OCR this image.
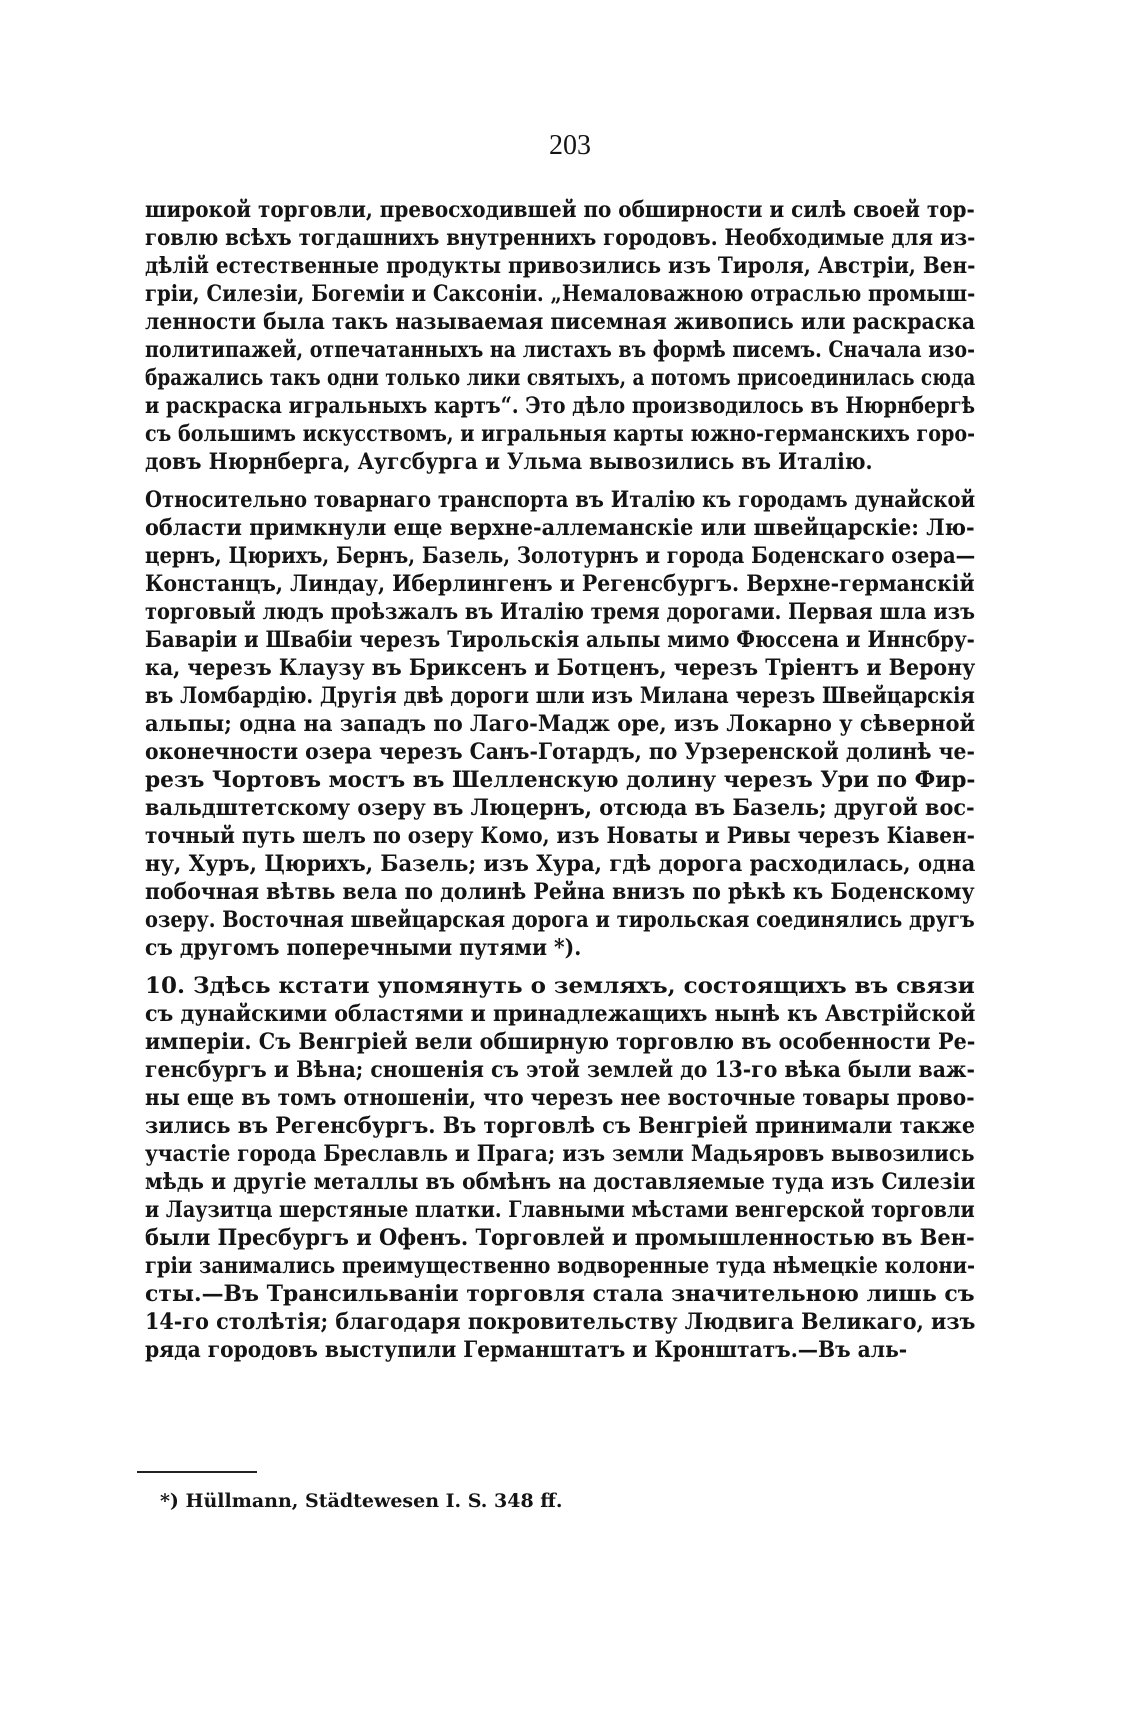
203
широкой торговли, превосходившей по обширности и силѣ своей тор-
говлю всѣхъ тогдашнихъ внутреннихъ городовъ. Необходимые для из-
дѣлій естественные продукты привозились изъ Тироля, Австріи, Вен-
гріи, Силезіи, Богеміи и Саксоніи. „Немаловажною отраслью промыш-
ленности была такъ называемая писемная живопись или раскраска
политипажей, отпечатанныхъ на листахъ въ формѣ писемъ. Сначала изо-
бражались такъ одни только лики святыхъ, а потомъ присоединилась сюда
и раскраска игральныхъ картъ“. Это дѣло производилось въ Нюрнбергѣ
съ большимъ искусствомъ, и игральныя карты южно-германскихъ горо-
довъ Нюрнберга, Аугсбурга и Ульма вывозились въ Италію.
Относительно товарнаго транспорта въ Италію къ городамъ дунайской
области примкнули еще верхне-аллеманскіе или швейцарскіе: Лю-
цернъ, Цюрихъ, Бернъ, Базель, Золотурнъ и города Боденскаго озера—
Констанцъ, Линдау, Иберлингенъ и Регенсбургъ. Верхне-германскій
торговый людъ проѣзжалъ въ Италію тремя дорогами. Первая шла изъ
Баваріи и Швабіи черезъ Тирольскія альпы мимо Фюссена и Иннсбру-
ка, черезъ Клаузу въ Бриксенъ и Ботценъ, черезъ Тріентъ и Верону
въ Ломбардію. Другія двѣ дороги шли изъ Милана черезъ Швейцарскія
альпы; одна на западъ по Лаго-Мадж оре, изъ Локарно у сѣверной
оконечности озера черезъ Санъ-Готардъ, по Урзеренской долинѣ че-
резъ Чортовъ мостъ въ Шелленскую долину черезъ Ури по Фир-
вальдштетскому озеру въ Люцернъ, отсюда въ Базель; другой вос-
точный путь шелъ по озеру Комо, изъ Новаты и Ривы черезъ Кіавен-
ну, Хуръ, Цюрихъ, Базель; изъ Хура, гдѣ дорога расходилась, одна
побочная вѣтвь вела по долинѣ Рейна внизъ по рѣкѣ къ Боденскому
озеру. Восточная швейцарская дорога и тирольская соединялись другъ
съ другомъ поперечными путями *).
10. Здѣсь кстати упомянуть о земляхъ, состоящихъ въ связи
съ дунайскими областями и принадлежащихъ нынѣ къ Австрійской
имперіи. Съ Венгріей вели обширную торговлю въ особенности Ре-
генсбургъ и Вѣна; сношенія съ этой землей до 13-го вѣка были важ-
ны еще въ томъ отношеніи, что черезъ нее восточные товары прово-
зились въ Регенсбургъ. Въ торговлѣ съ Венгріей принимали также
участіе города Бреславль и Прага; изъ земли Мадьяровъ вывозились
мѣдь и другіе металлы въ обмѣнъ на доставляемые туда изъ Силезіи
и Лаузитца шерстяные платки. Главными мѣстами венгерской торговли
были Пресбургъ и Офенъ. Торговлей и промышленностью въ Вен-
гріи занимались преимущественно водворенные туда нѣмецкіе колони-
сты.—Въ Трансильваніи торговля стала значительною лишь съ
14-го столѣтія; благодаря покровительству Людвига Великаго, изъ
ряда городовъ выступили Германштатъ и Кронштатъ.—Въ аль-
*) Hüllmann, Städtewesen I. S. 348 ff.
